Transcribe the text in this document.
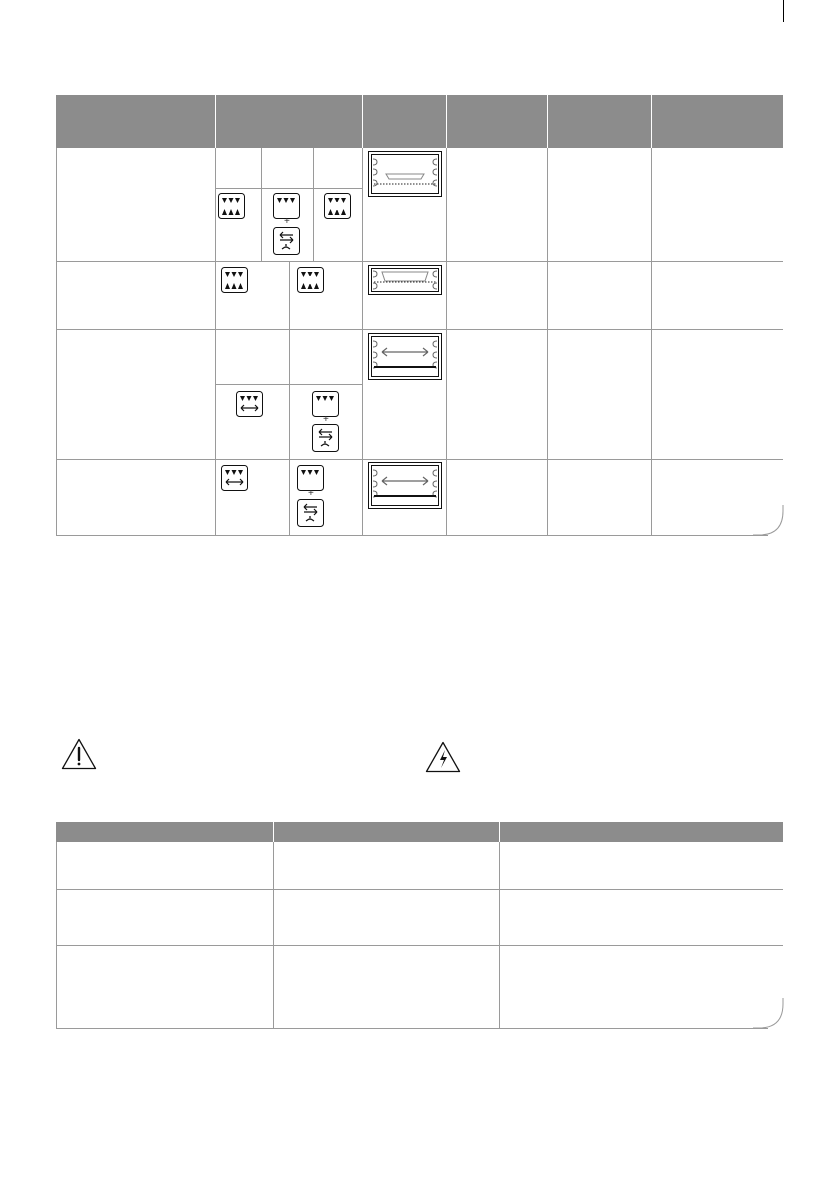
+
+
+
